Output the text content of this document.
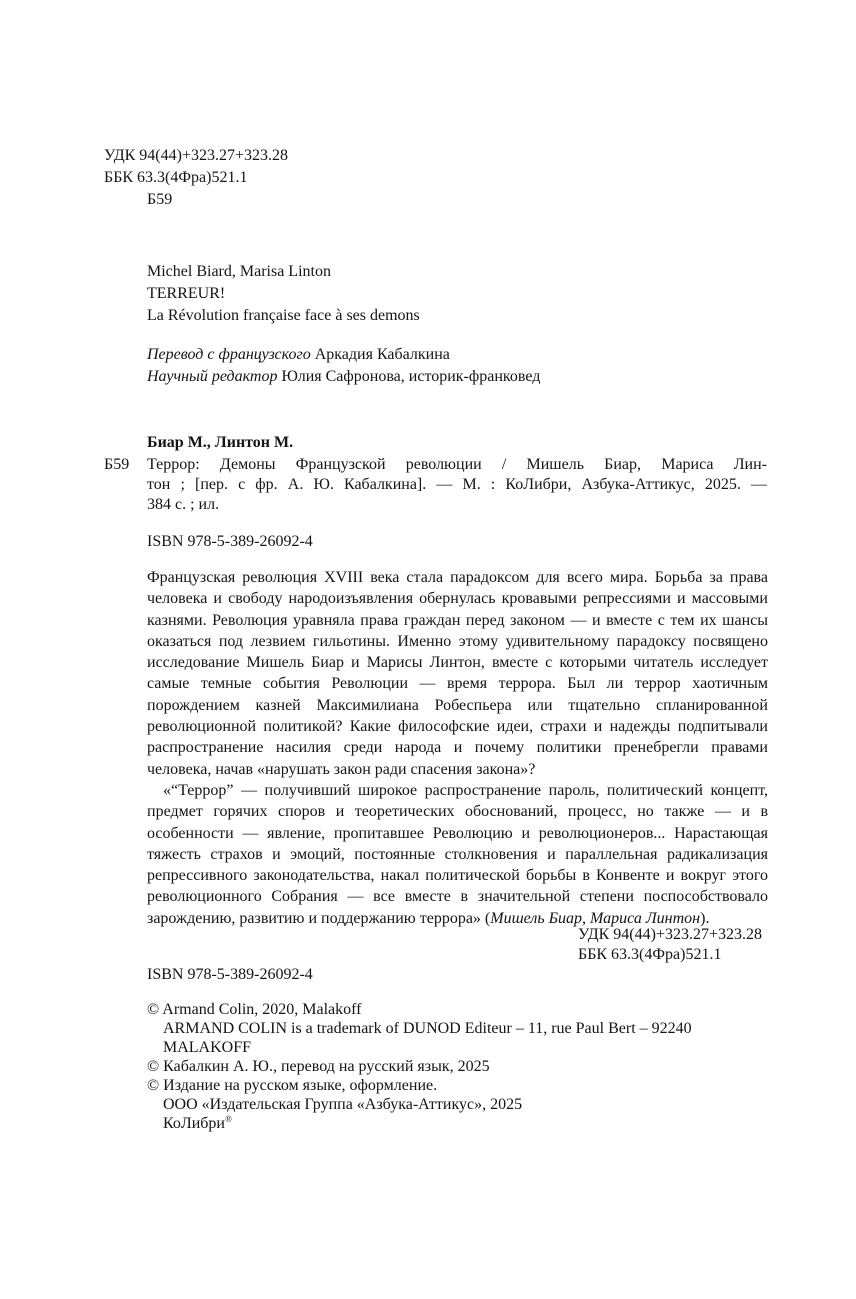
УДК 94(44)+323.27+323.28
ББК 63.3(4Фра)521.1
Б59
Michel Biard, Marisa Linton
TERREUR!
La Révolution française face à ses demons
Перевод с французского Аркадия Кабалкина
Научный редактор Юлия Сафронова, историк-франковед
Биар М., Линтон М.
Б59 Террор: Демоны Французской революции / Мишель Биар, Мариса Лин-
тон ; [пер. с фр. А. Ю. Кабалкина]. — М. : КоЛибри, Азбука-Аттикус, 2025. —
384 с. ; ил.
ISBN 978-5-389-26092-4

Французская революция XVIII века стала парадоксом для всего мира. Борьба за права человека и свободу народоизъявления обернулась кровавыми репрессиями и массовыми казнями. Революция уравняла права граждан перед законом — и вместе с тем их шансы оказаться под лезвием гильотины. Именно этому удивительному парадоксу посвящено исследование Мишель Биар и Марисы Линтон, вместе с которыми читатель исследует самые темные события Революции — время террора. Был ли террор хаотичным порождением казней Максимилиана Робеспьера или тщательно спланированной революционной политикой? Какие философские идеи, страхи и надежды подпитывали распространение насилия среди народа и почему политики пренебрегли правами человека, начав «нарушать закон ради спасения закона»?

«“Террор” — получивший широкое распространение пароль, политический концепт, предмет горячих споров и теоретических обоснований, процесс, но также — и в особенности — явление, пропитавшее Революцию и революционеров... Нарастающая тяжесть страхов и эмоций, постоянные столкновения и параллельная радикализация репрессивного законодательства, накал политической борьбы в Конвенте и вокруг этого революционного Собрания — все вместе в значительной степени поспособствовало зарождению, развитию и поддержанию террора» (Мишель Биар, Мариса Линтон).

УДК 94(44)+323.27+323.28
ББК 63.3(4Фра)521.1
ISBN 978-5-389-26092-4
© Armand Colin, 2020, Malakoff
ARMAND COLIN is a trademark of DUNOD Editeur – 11, rue Paul Bert – 92240
MALAKOFF
© Кабалкин А. Ю., перевод на русский язык, 2025
© Издание на русском языке, оформление.
ООО «Издательская Группа «Азбука-Аттикус», 2025
КоЛибри®
